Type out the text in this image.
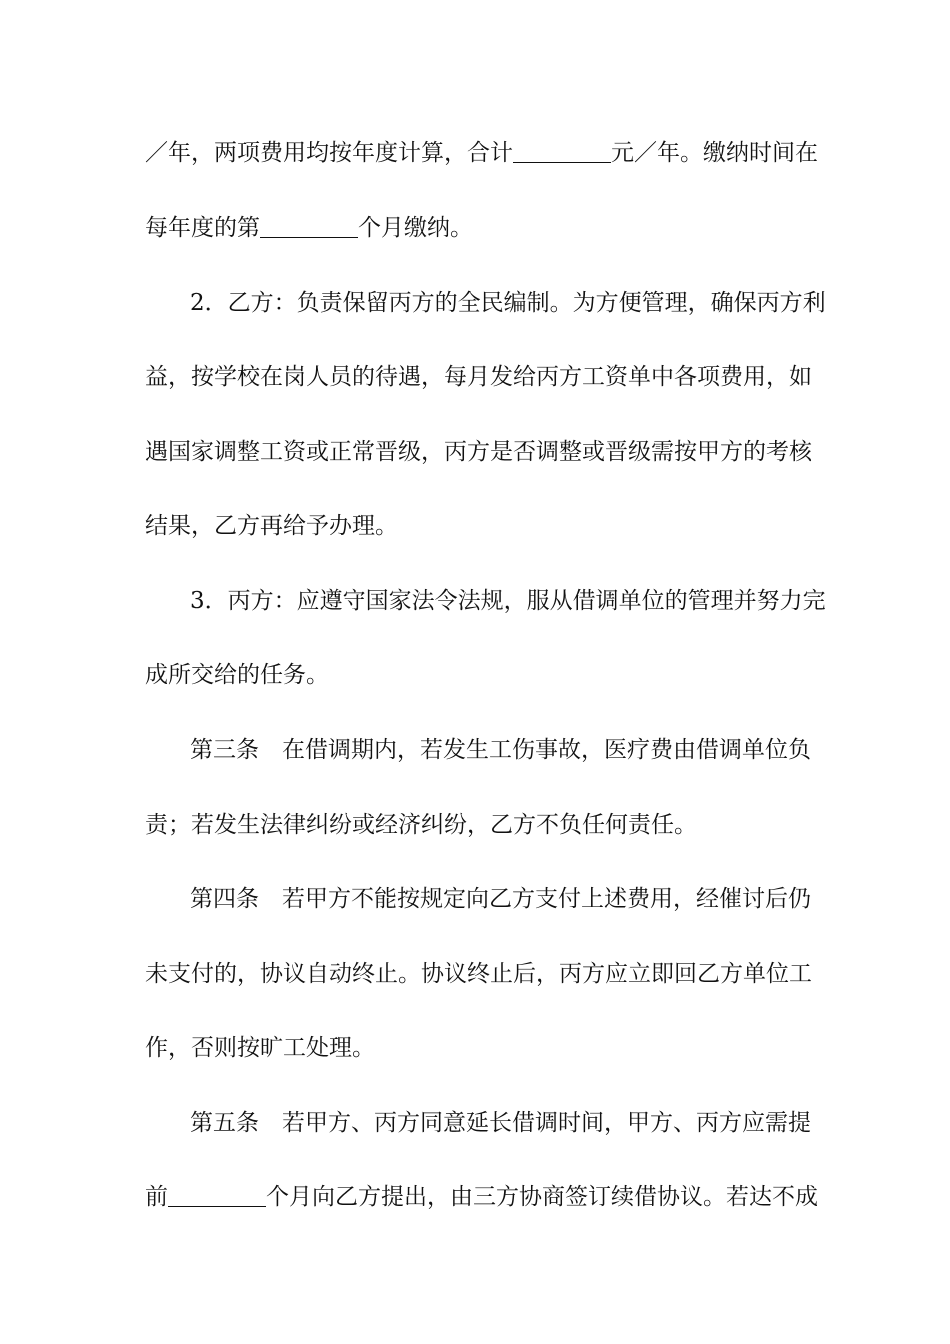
／年，两项费用均按年度计算，合计	元／年。缴纳时间在
每年度的第	个月缴纳。
2．乙方：负责保留丙方的全民编制。为方便管理，确保丙方利
益，按学校在岗人员的待遇，每月发给丙方工资单中各项费用，如
遇国家调整工资或正常晋级，丙方是否调整或晋级需按甲方的考核
结果，乙方再给予办理。
3．丙方：应遵守国家法令法规，服从借调单位的管理并努力完
成所交给的任务。
第三条　在借调期内，若发生工伤事故，医疗费由借调单位负
责；若发生法律纠纷或经济纠纷，乙方不负任何责任。
第四条　若甲方不能按规定向乙方支付上述费用，经催讨后仍
未支付的，协议自动终止。协议终止后，丙方应立即回乙方单位工
作，否则按旷工处理。
第五条　若甲方、丙方同意延长借调时间，甲方、丙方应需提
前	个月向乙方提出，由三方协商签订续借协议。若达不成
